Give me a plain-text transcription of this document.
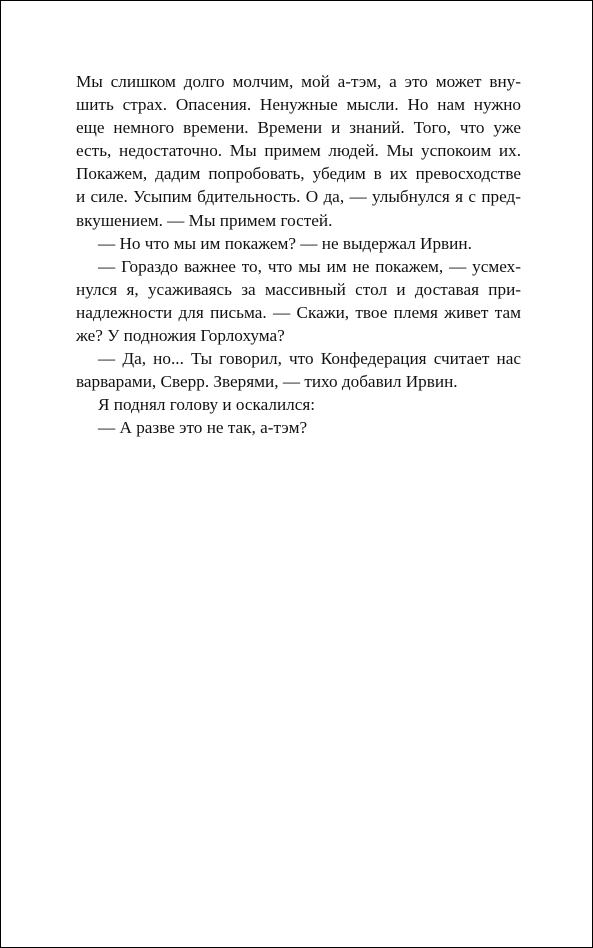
Мы слишком долго молчим, мой а-тэм, а это может вну-
шить страх. Опасения. Ненужные мысли. Но нам нужно
еще немного времени. Времени и знаний. Того, что уже
есть, недостаточно. Мы примем людей. Мы успокоим их.
Покажем, дадим попробовать, убедим в их превосходстве
и силе. Усыпим бдительность. О да, — улыбнулся я с пред-
вкушением. — Мы примем гостей.
— Но что мы им покажем? — не выдержал Ирвин.
— Гораздо важнее то, что мы им не покажем, — усмех-
нулся я, усаживаясь за массивный стол и доставая при-
надлежности для письма. — Скажи, твое племя живет там
же? У подножия Горлохума?
— Да, но... Ты говорил, что Конфедерация считает нас
варварами, Сверр. Зверями, — тихо добавил Ирвин.
Я поднял голову и оскалился:
— А разве это не так, а-тэм?
